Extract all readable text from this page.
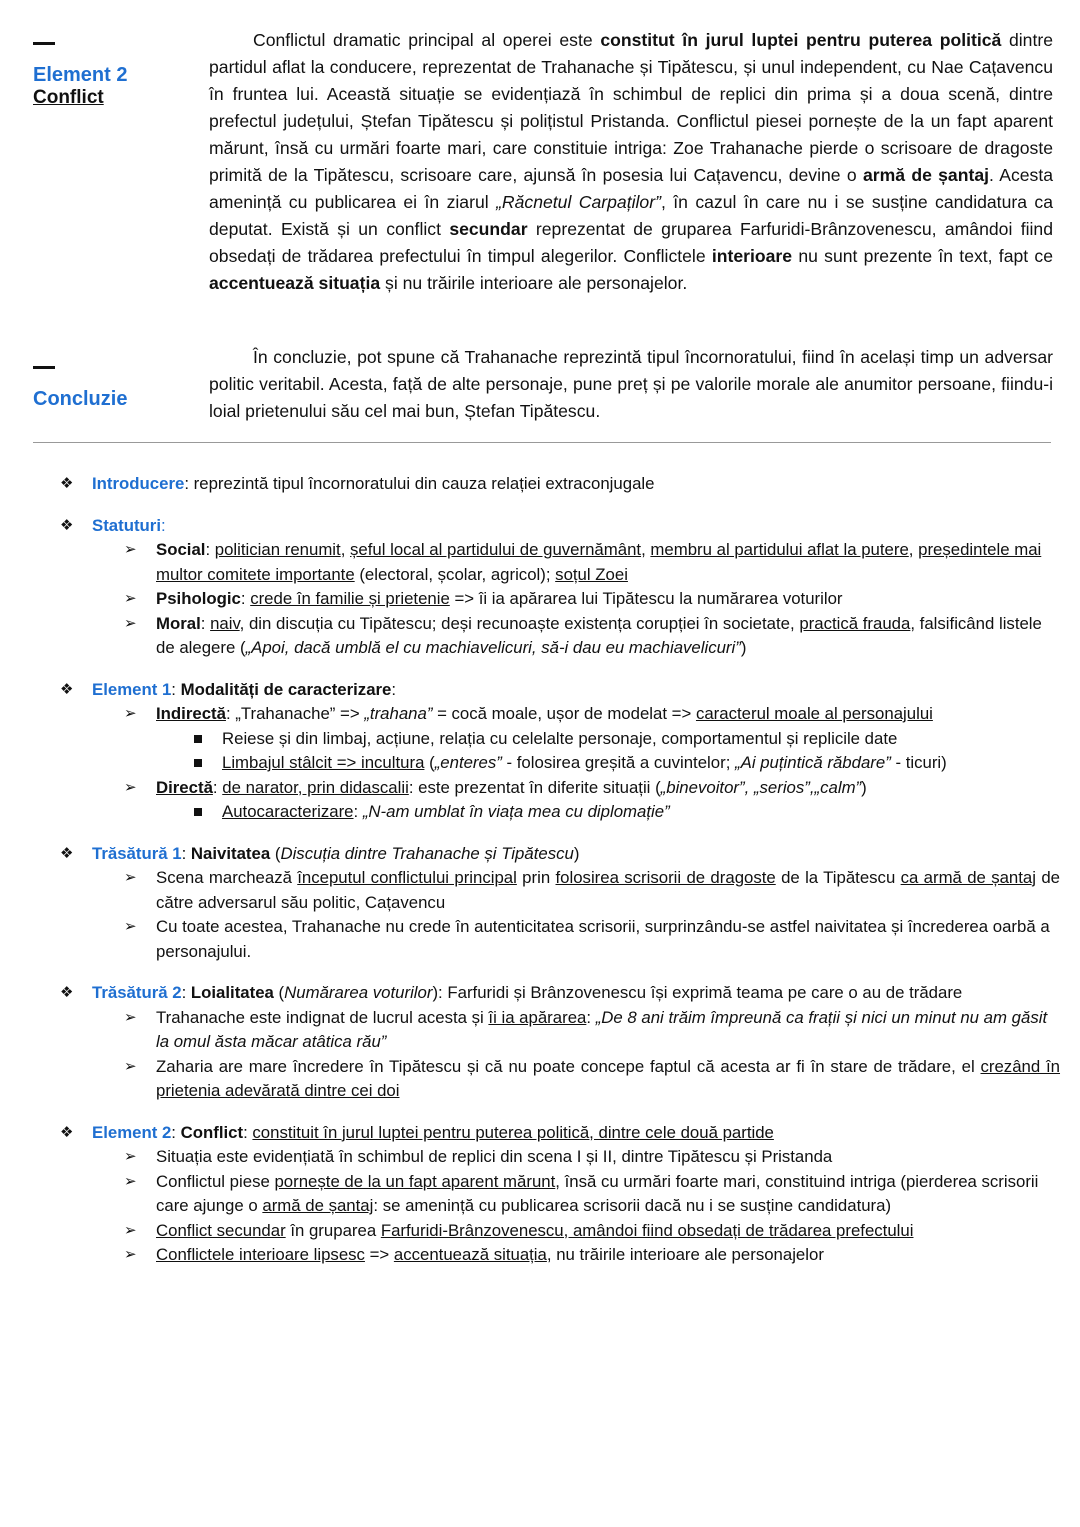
Element 2
Conflict

Conflictul dramatic principal al operei este constitut în jurul luptei pentru puterea politică dintre partidul aflat la conducere, reprezentat de Trahanache și Tipătescu, și unul independent, cu Nae Cațavencu în fruntea lui. Această situație se evidențiază în schimbul de replici din prima și a doua scenă, dintre prefectul județului, Ștefan Tipătescu și polițistul Pristanda. Conflictul piesei pornește de la un fapt aparent mărunt, însă cu urmări foarte mari, care constituie intriga: Zoe Trahanache pierde o scrisoare de dragoste primită de la Tipătescu, scrisoare care, ajunsă în posesia lui Cațavencu, devine o armă de șantaj. Acesta amenință cu publicarea ei în ziarul „Răcnetul Carpaților”, în cazul în care nu i se susține candidatura ca deputat. Există și un conflict secundar reprezentat de gruparea Farfuridi-Brânzovenescu, amândoi fiind obsedați de trădarea prefectului în timpul alegerilor. Conflictele interioare nu sunt prezente în text, fapt ce accentuează situația și nu trăirile interioare ale personajelor.

Concluzie

În concluzie, pot spune că Trahanache reprezintă tipul încornoratului, fiind în același timp un adversar politic veritabil. Acesta, față de alte personaje, pune preț și pe valorile morale ale anumitor persoane, fiindu-i loial prietenului său cel mai bun, Ștefan Tipătescu.

❖ Introducere: reprezintă tipul încornoratului din cauza relației extraconjugale
❖ Statuturi:
➢ Social: politician renumit, șeful local al partidului de guvernământ, membru al partidului aflat la putere, președintele mai multor comitete importante (electoral, școlar, agricol); soțul Zoei
➢ Psihologic: crede în familie și prietenie => îi ia apărarea lui Tipătescu la numărarea voturilor
➢ Moral: naiv, din discuția cu Tipătescu; deși recunoaște existența corupției în societate, practică frauda, falsificând listele de alegere („Apoi, dacă umblă el cu machiavelicuri, să-i dau eu machiavelicuri”)
❖ Element 1: Modalități de caracterizare:
➢ Indirectă: „Trahanache” => „trahana” = cocă moale, ușor de modelat => caracterul moale al personajului
Reiese și din limbaj, acțiune, relația cu celelalte personaje, comportamentul și replicile date
Limbajul stâlcit => incultura („enteres” - folosirea greșită a cuvintelor; „Ai puțintică răbdare” - ticuri)
➢ Directă: de narator, prin didascalii: este prezentat în diferite situații („binevoitor”, „serios”,„calm”)
Autocaracterizare: „N-am umblat în viața mea cu diplomație”
❖ Trăsătură 1: Naivitatea (Discuția dintre Trahanache și Tipătescu)
➢ Scena marchează începutul conflictului principal prin folosirea scrisorii de dragoste de la Tipătescu ca armă de șantaj de către adversarul său politic, Cațavencu
➢ Cu toate acestea, Trahanache nu crede în autenticitatea scrisorii, surprinzându-se astfel naivitatea și încrederea oarbă a personajului.
❖ Trăsătură 2: Loialitatea (Numărarea voturilor): Farfuridi și Brânzovenescu își exprimă teama pe care o au de trădare
➢ Trahanache este indignat de lucrul acesta și îi ia apărarea: „De 8 ani trăim împreună ca frații și nici un minut nu am găsit la omul ăsta măcar atâtica rău”
➢ Zaharia are mare încredere în Tipătescu și că nu poate concepe faptul că acesta ar fi în stare de trădare, el crezând în prietenia adevărată dintre cei doi
❖ Element 2: Conflict: constituit în jurul luptei pentru puterea politică, dintre cele două partide
➢ Situația este evidențiată în schimbul de replici din scena I și II, dintre Tipătescu și Pristanda
➢ Conflictul piese pornește de la un fapt aparent mărunt, însă cu urmări foarte mari, constituind intriga (pierderea scrisorii care ajunge o armă de șantaj: se amenință cu publicarea scrisorii dacă nu i se susține candidatura)
➢ Conflict secundar în gruparea Farfuridi-Brânzovenescu, amândoi fiind obsedați de trădarea prefectului
➢ Conflictele interioare lipsesc => accentuează situația, nu trăirile interioare ale personajelor
